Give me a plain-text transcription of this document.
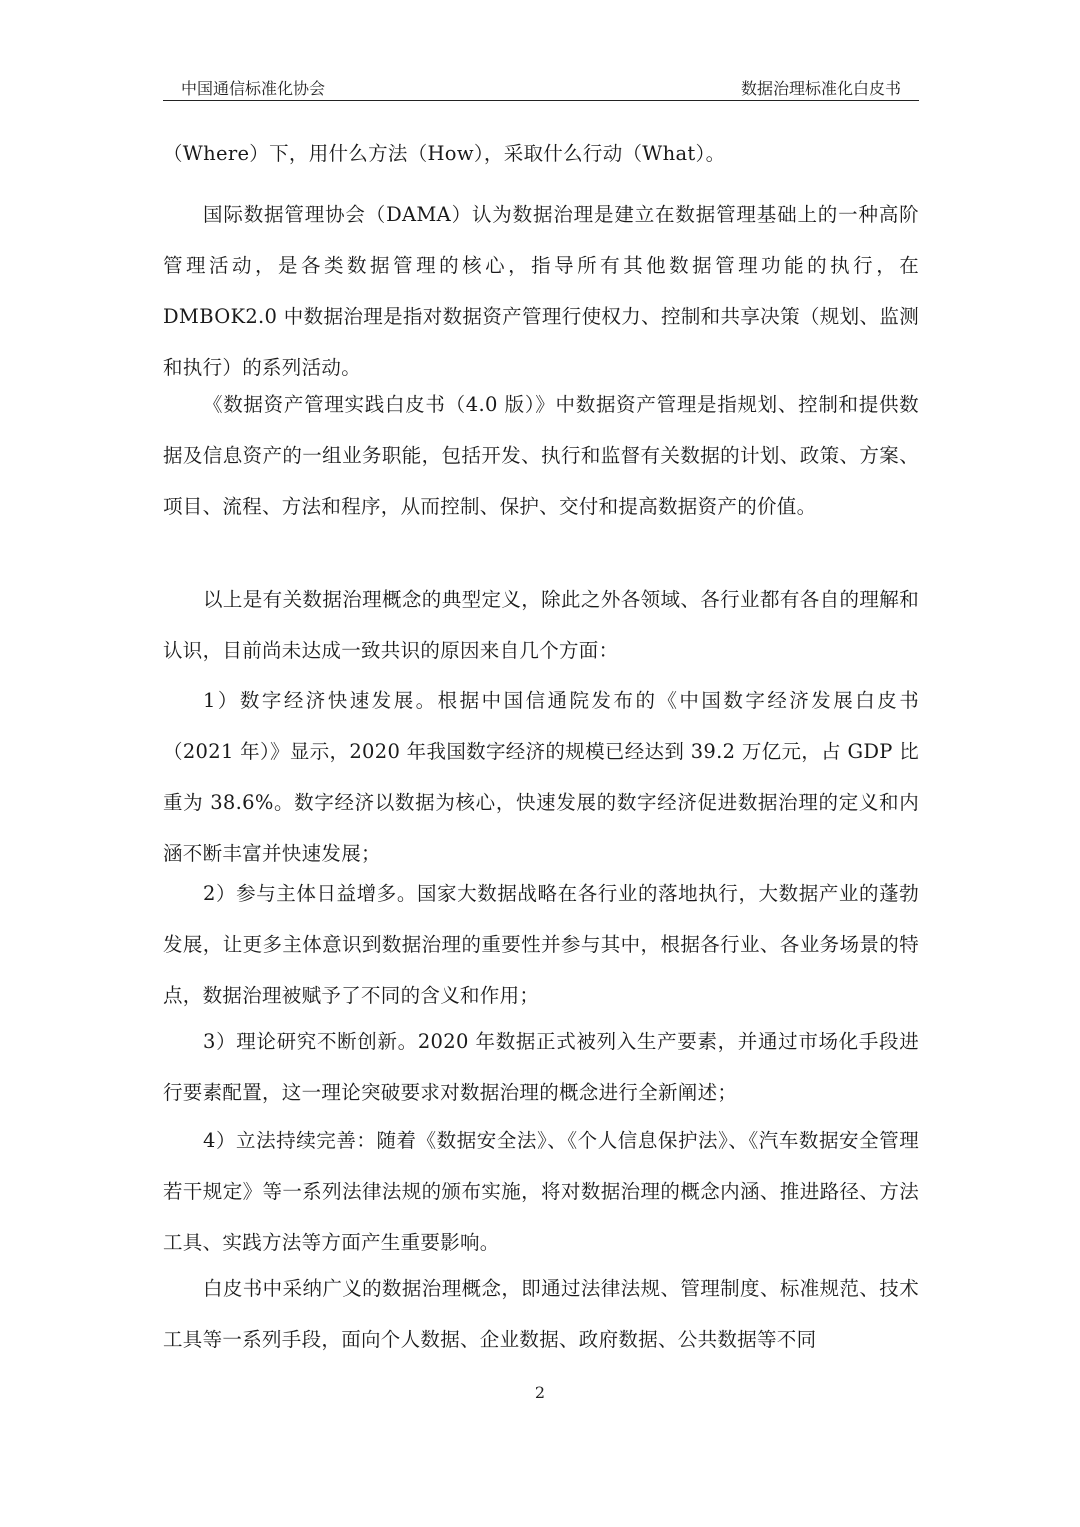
中国通信标准化协会	数据治理标准化白皮书

（Where）下，用什么方法（How），采取什么行动（What）。

国际数据管理协会（DAMA）认为数据治理是建立在数据管理基础上的一种高阶管理活动，是各类数据管理的核心，指导所有其他数据管理功能的执行，在 DMBOK2.0 中数据治理是指对数据资产管理行使权力、控制和共享决策（规划、监测和执行）的系列活动。

《数据资产管理实践白皮书（4.0 版）》中数据资产管理是指规划、控制和提供数据及信息资产的一组业务职能，包括开发、执行和监督有关数据的计划、政策、方案、项目、流程、方法和程序，从而控制、保护、交付和提高数据资产的价值。

以上是有关数据治理概念的典型定义，除此之外各领域、各行业都有各自的理解和认识，目前尚未达成一致共识的原因来自几个方面：

1）数字经济快速发展。根据中国信通院发布的《中国数字经济发展白皮书（2021 年）》显示，2020 年我国数字经济的规模已经达到 39.2 万亿元，占 GDP 比重为 38.6%。数字经济以数据为核心，快速发展的数字经济促进数据治理的定义和内涵不断丰富并快速发展；

2）参与主体日益增多。国家大数据战略在各行业的落地执行，大数据产业的蓬勃发展，让更多主体意识到数据治理的重要性并参与其中，根据各行业、各业务场景的特点，数据治理被赋予了不同的含义和作用；

3）理论研究不断创新。2020 年数据正式被列入生产要素，并通过市场化手段进行要素配置，这一理论突破要求对数据治理的概念进行全新阐述；

4）立法持续完善：随着《数据安全法》、《个人信息保护法》、《汽车数据安全管理若干规定》等一系列法律法规的颁布实施，将对数据治理的概念内涵、推进路径、方法工具、实践方法等方面产生重要影响。

白皮书中采纳广义的数据治理概念，即通过法律法规、管理制度、标准规范、技术工具等一系列手段，面向个人数据、企业数据、政府数据、公共数据等不同

2
